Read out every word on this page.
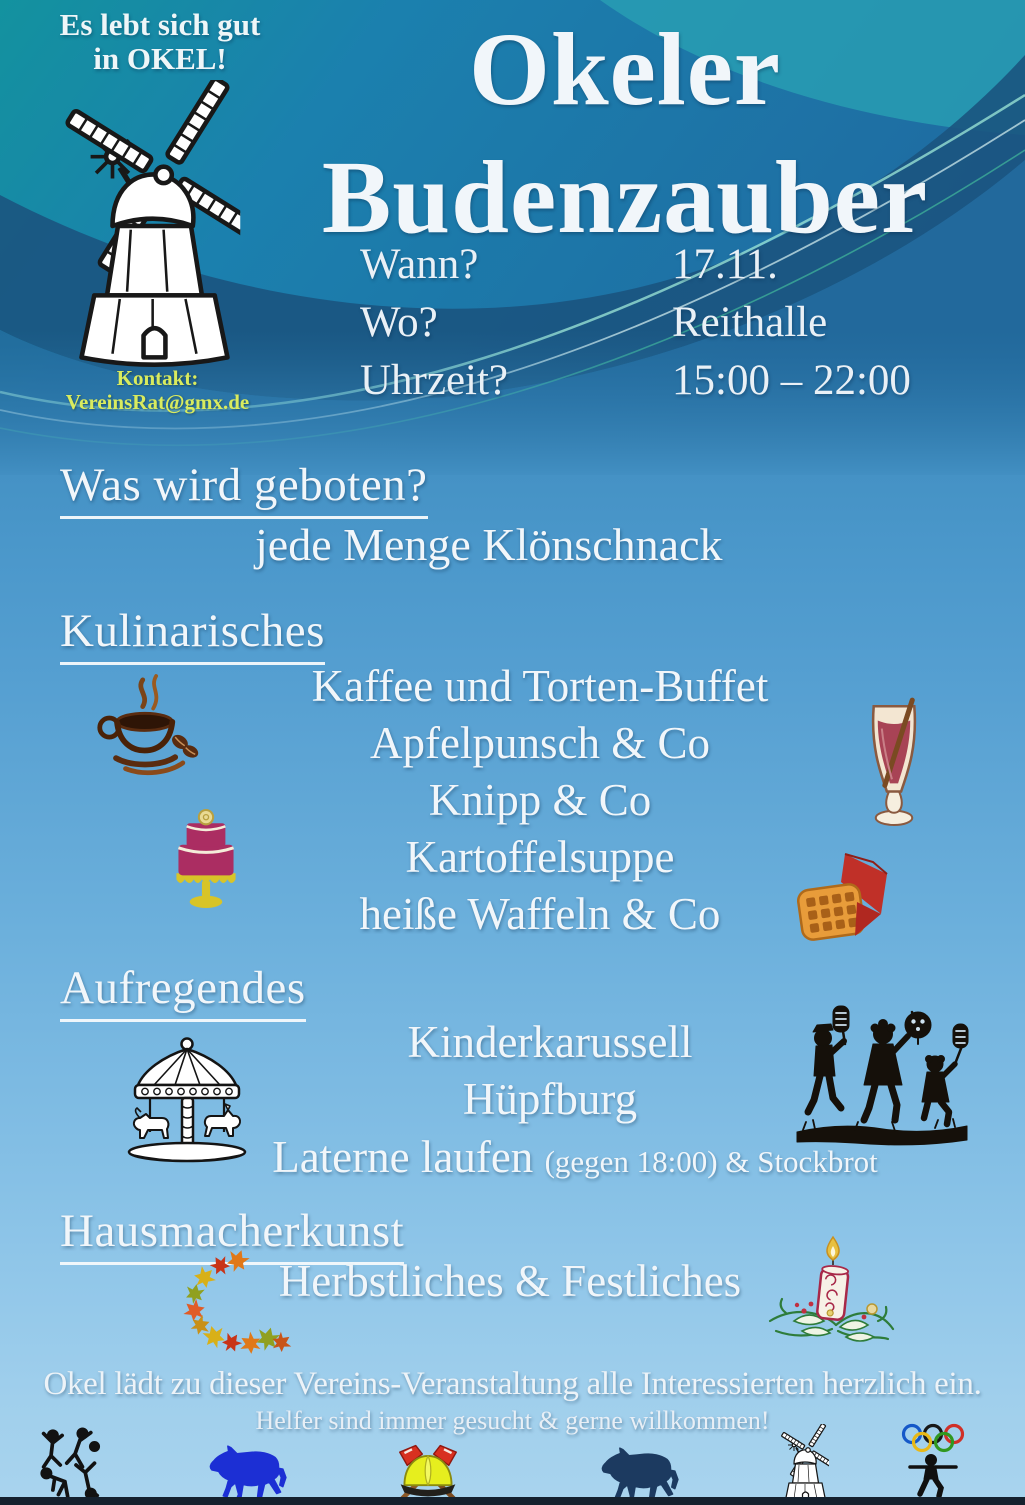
Es lebt sich gut
in OKEL!	Okeler
Budenzauber
Kontakt:
VereinsRat@gmx.de
Wann?	17.11.
Wo?	Reithalle
Uhrzeit?	15:00 – 22:00
Was wird geboten?
jede Menge Klönschnack
Kulinarisches
Kaffee und Torten-Buffet
Apfelpunsch & Co
Knipp & Co
Kartoffelsuppe
heiße Waffeln & Co
Aufregendes
Kinderkarussell
Hüpfburg
Laterne laufen (gegen 18:00) & Stockbrot
Hausmacherkunst
Herbstliches & Festliches
Okel lädt zu dieser Vereins-Veranstaltung alle Interessierten herzlich ein.
Helfer sind immer gesucht & gerne willkommen!
